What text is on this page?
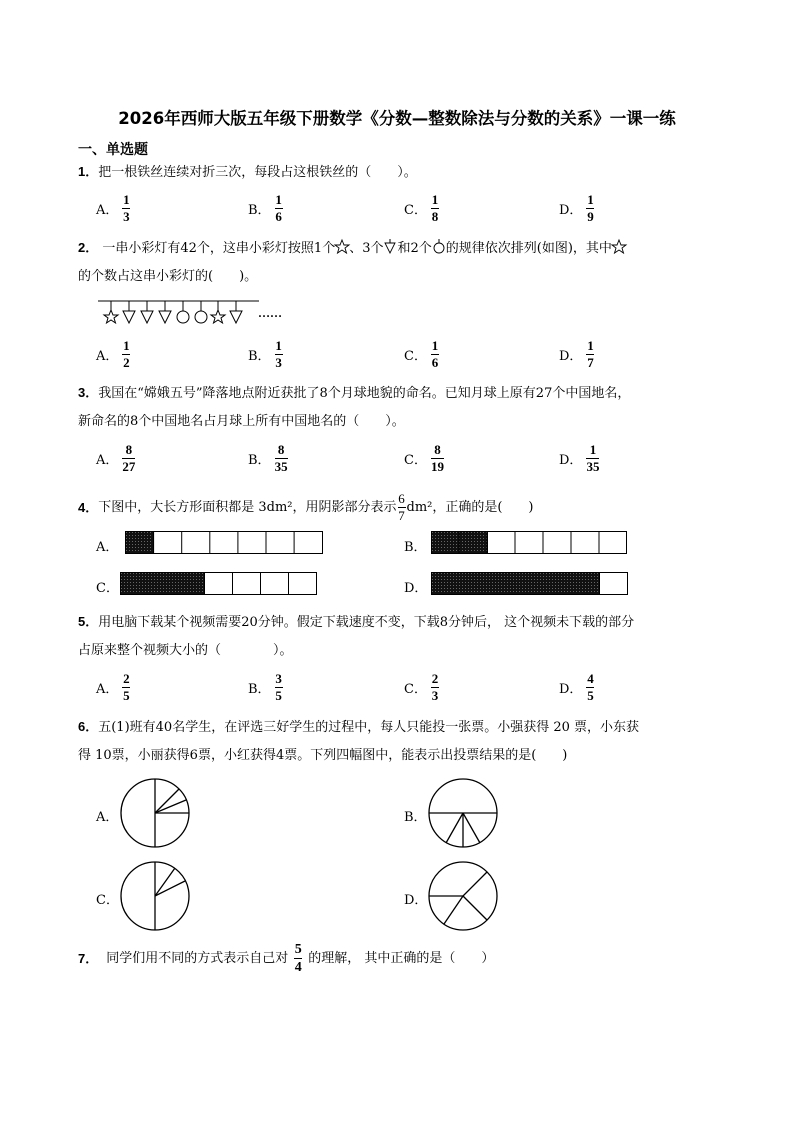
2026年西师大版五年级下册数学《分数—整数除法与分数的关系》一课一练
一、单选题
1．把一根铁丝连续对折三次，每段占这根铁丝的（　　）。
A． $\frac{1}{3}$	B． $\frac{1}{6}$	C． $\frac{1}{8}$	D． $\frac{1}{9}$
2． 一串小彩灯有42个，这串小彩灯按照1个 、3个 和2个 的规律依次排列(如图)，其中
的个数占这串小彩灯的(　　)。
……
A． $\frac{1}{2}$	B． $\frac{1}{3}$	C． $\frac{1}{6}$	D． $\frac{1}{7}$
3．我国在“嫦娥五号”降落地点附近获批了8个月球地貌的命名。已知月球上原有27个中国地名，
新命名的8个中国地名占月球上所有中国地名的（　　）。
A． $\frac{8}{27}$	B． $\frac{8}{35}$	C． $\frac{8}{19}$	D． $\frac{1}{35}$
4． 下图中，大长方形面积都是 3dm²，用阴影部分表示 $\frac{6}{7} dm^2$，正确的是(　　)
A．	B．
C．	D．
5．用电脑下载某个视频需要20分钟。假定下载速度不变，下载8分钟后， 这个视频未下载的部分
占原来整个视频大小的（　　　　）。
A． $\frac{2}{5}$	B． $\frac{3}{5}$	C． $\frac{2}{3}$	D． $\frac{4}{5}$
6．五(1)班有40名学生，在评选三好学生的过程中，每人只能投一张票。小强获得 20 票，小东获
得 10票，小丽获得6票，小红获得4票。下列四幅图中，能表示出投票结果的是(　　)
A．	B．
C．	D．
7． 同学们用不同的方式表示自己对 $\frac{5}{4}$ 的理解， 其中正确的是（　　）
